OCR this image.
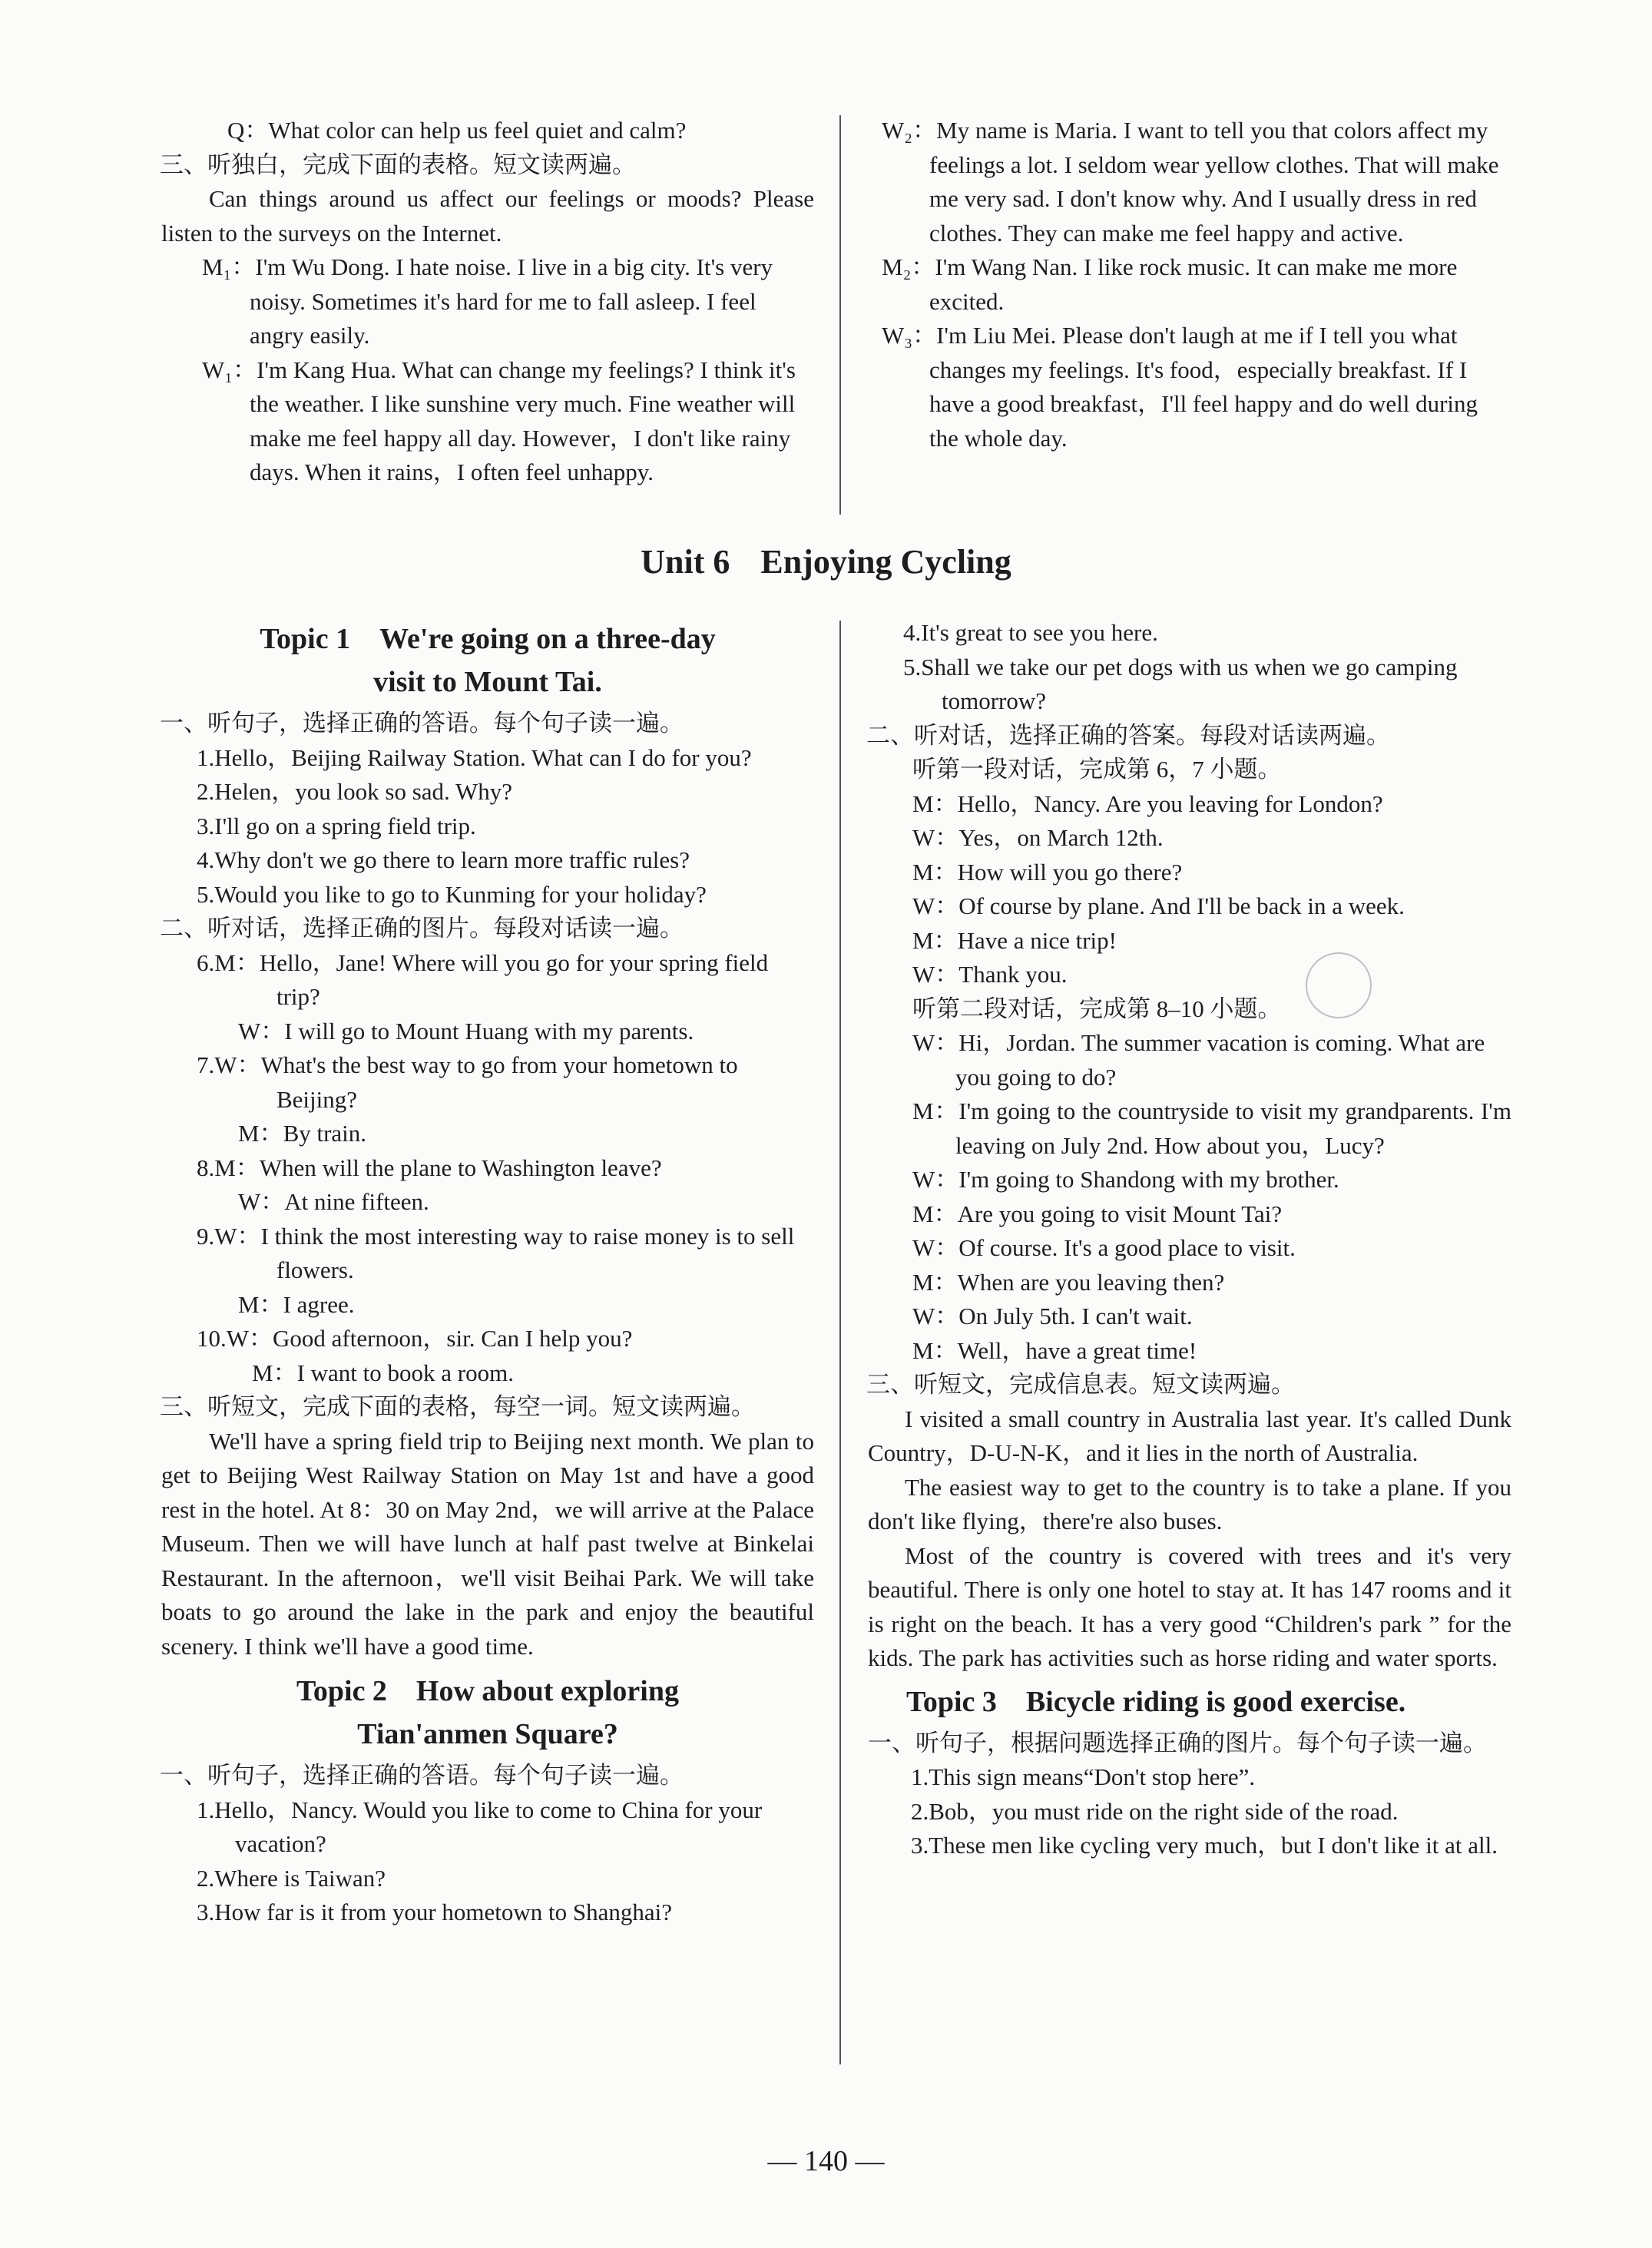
Q：What color can help us feel quiet and calm?

三、听独白，完成下面的表格。短文读两遍。

Can things around us affect our feelings or moods? Please listen to the surveys on the Internet.

M₁：I'm Wu Dong. I hate noise. I live in a big city. It's very noisy. Sometimes it's hard for me to fall asleep. I feel angry easily.

W₁：I'm Kang Hua. What can change my feelings? I think it's the weather. I like sunshine very much. Fine weather will make me feel happy all day. However，I don't like rainy days. When it rains，I often feel unhappy.

W₂：My name is Maria. I want to tell you that colors affect my feelings a lot. I seldom wear yellow clothes. That will make me very sad. I don't know why. And I usually dress in red clothes. They can make me feel happy and active.

M₂：I'm Wang Nan. I like rock music. It can make me more excited.

W₃：I'm Liu Mei. Please don't laugh at me if I tell you what changes my feelings. It's food，especially breakfast. If I have a good breakfast，I'll feel happy and do well during the whole day.

Unit 6 Enjoying Cycling
Topic 1　We're going on a three-day
visit to Mount Tai.

一、听句子，选择正确的答语。每个句子读一遍。

1.Hello，Beijing Railway Station. What can I do for you?

2.Helen，you look so sad. Why?

3.I'll go on a spring field trip.

4.Why don't we go there to learn more traffic rules?

5.Would you like to go to Kunming for your holiday?

二、听对话，选择正确的图片。每段对话读一遍。

6.M：Hello，Jane! Where will you go for your spring field trip?

W：I will go to Mount Huang with my parents.

7.W：What's the best way to go from your hometown to Beijing?

M：By train.

8.M：When will the plane to Washington leave?

W：At nine fifteen.

9.W：I think the most interesting way to raise money is to sell flowers.

M：I agree.

10.W：Good afternoon，sir. Can I help you?

M：I want to book a room.

三、听短文，完成下面的表格，每空一词。短文读两遍。

We'll have a spring field trip to Beijing next month. We plan to get to Beijing West Railway Station on May 1st and have a good rest in the hotel. At 8：30 on May 2nd，we will arrive at the Palace Museum. Then we will have lunch at half past twelve at Binkelai Restaurant. In the afternoon，we'll visit Beihai Park. We will take boats to go around the lake in the park and enjoy the beautiful scenery. I think we'll have a good time.

Topic 2　How about exploring
Tian'anmen Square?

一、听句子，选择正确的答语。每个句子读一遍。

1.Hello，Nancy. Would you like to come to China for your vacation?

2.Where is Taiwan?

3.How far is it from your hometown to Shanghai?

4.It's great to see you here.

5.Shall we take our pet dogs with us when we go camping tomorrow?

二、听对话，选择正确的答案。每段对话读两遍。

听第一段对话，完成第 6，7 小题。

M：Hello，Nancy. Are you leaving for London?

W：Yes，on March 12th.

M：How will you go there?

W：Of course by plane. And I'll be back in a week.

M：Have a nice trip!

W：Thank you.

听第二段对话，完成第 8–10 小题。

W：Hi，Jordan. The summer vacation is coming. What are you going to do?

M：I'm going to the countryside to visit my grandparents. I'm leaving on July 2nd. How about you，Lucy?

W：I'm going to Shandong with my brother.

M：Are you going to visit Mount Tai?

W：Of course. It's a good place to visit.

M：When are you leaving then?

W：On July 5th. I can't wait.

M：Well，have a great time!

三、听短文，完成信息表。短文读两遍。

I visited a small country in Australia last year. It's called Dunk Country，D-U-N-K，and it lies in the north of Australia.

The easiest way to get to the country is to take a plane. If you don't like flying，there're also buses.

Most of the country is covered with trees and it's very beautiful. There is only one hotel to stay at. It has 147 rooms and it is right on the beach. It has a very good “Children's park ” for the kids. The park has activities such as horse riding and water sports.

Topic 3　Bicycle riding is good exercise.

一、听句子，根据问题选择正确的图片。每个句子读一遍。

1.This sign means“Don't stop here”.

2.Bob，you must ride on the right side of the road.

3.These men like cycling very much，but I don't like it at all.

— 140 —
